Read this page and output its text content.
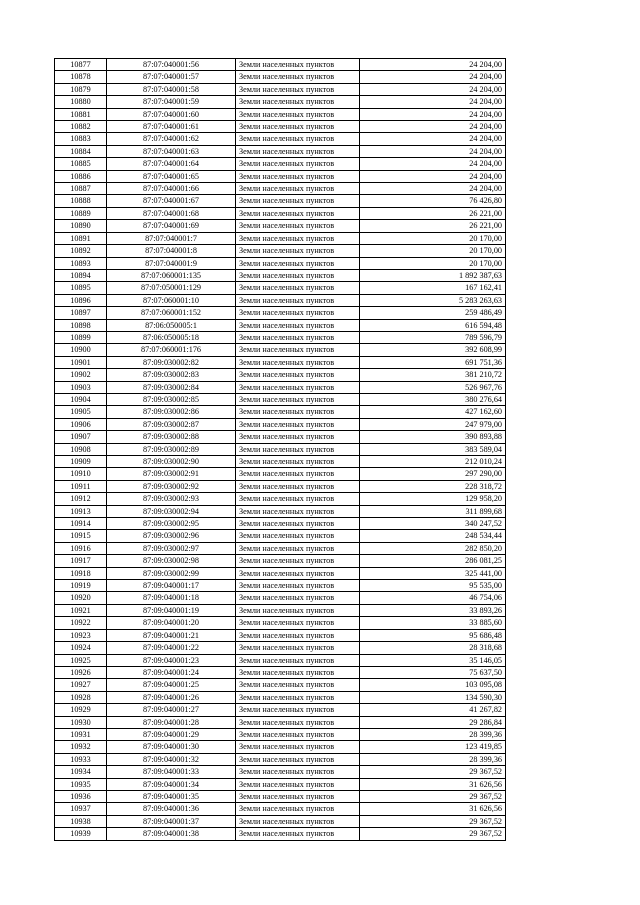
10877	87:07:040001:56	Земли населенных пунктов	24 204,00
10878	87:07:040001:57	Земли населенных пунктов	24 204,00
10879	87:07:040001:58	Земли населенных пунктов	24 204,00
10880	87:07:040001:59	Земли населенных пунктов	24 204,00
10881	87:07:040001:60	Земли населенных пунктов	24 204,00
10882	87:07:040001:61	Земли населенных пунктов	24 204,00
10883	87:07:040001:62	Земли населенных пунктов	24 204,00
10884	87:07:040001:63	Земли населенных пунктов	24 204,00
10885	87:07:040001:64	Земли населенных пунктов	24 204,00
10886	87:07:040001:65	Земли населенных пунктов	24 204,00
10887	87:07:040001:66	Земли населенных пунктов	24 204,00
10888	87:07:040001:67	Земли населенных пунктов	76 426,80
10889	87:07:040001:68	Земли населенных пунктов	26 221,00
10890	87:07:040001:69	Земли населенных пунктов	26 221,00
10891	87:07:040001:7	Земли населенных пунктов	20 170,00
10892	87:07:040001:8	Земли населенных пунктов	20 170,00
10893	87:07:040001:9	Земли населенных пунктов	20 170,00
10894	87:07:060001:135	Земли населенных пунктов	1 892 387,63
10895	87:07:050001:129	Земли населенных пунктов	167 162,41
10896	87:07:060001:10	Земли населенных пунктов	5 283 263,63
10897	87:07:060001:152	Земли населенных пунктов	259 486,49
10898	87:06:050005:1	Земли населенных пунктов	616 594,48
10899	87:06:050005:18	Земли населенных пунктов	789 596,79
10900	87:07:060001:176	Земли населенных пунктов	392 608,99
10901	87:09:030002:82	Земли населенных пунктов	691 751,36
10902	87:09:030002:83	Земли населенных пунктов	381 210,72
10903	87:09:030002:84	Земли населенных пунктов	526 967,76
10904	87:09:030002:85	Земли населенных пунктов	380 276,64
10905	87:09:030002:86	Земли населенных пунктов	427 162,60
10906	87:09:030002:87	Земли населенных пунктов	247 979,00
10907	87:09:030002:88	Земли населенных пунктов	390 893,88
10908	87:09:030002:89	Земли населенных пунктов	383 589,04
10909	87:09:030002:90	Земли населенных пунктов	212 010,24
10910	87:09:030002:91	Земли населенных пунктов	297 290,00
10911	87:09:030002:92	Земли населенных пунктов	228 318,72
10912	87:09:030002:93	Земли населенных пунктов	129 958,20
10913	87:09:030002:94	Земли населенных пунктов	311 899,68
10914	87:09:030002:95	Земли населенных пунктов	340 247,52
10915	87:09:030002:96	Земли населенных пунктов	248 534,44
10916	87:09:030002:97	Земли населенных пунктов	282 850,20
10917	87:09:030002:98	Земли населенных пунктов	286 081,25
10918	87:09:030002:99	Земли населенных пунктов	325 441,00
10919	87:09:040001:17	Земли населенных пунктов	95 535,00
10920	87:09:040001:18	Земли населенных пунктов	46 754,06
10921	87:09:040001:19	Земли населенных пунктов	33 893,26
10922	87:09:040001:20	Земли населенных пунктов	33 885,60
10923	87:09:040001:21	Земли населенных пунктов	95 686,48
10924	87:09:040001:22	Земли населенных пунктов	28 318,68
10925	87:09:040001:23	Земли населенных пунктов	35 146,05
10926	87:09:040001:24	Земли населенных пунктов	75 637,50
10927	87:09:040001:25	Земли населенных пунктов	103 095,08
10928	87:09:040001:26	Земли населенных пунктов	134 590,30
10929	87:09:040001:27	Земли населенных пунктов	41 267,82
10930	87:09:040001:28	Земли населенных пунктов	29 286,84
10931	87:09:040001:29	Земли населенных пунктов	28 399,36
10932	87:09:040001:30	Земли населенных пунктов	123 419,85
10933	87:09:040001:32	Земли населенных пунктов	28 399,36
10934	87:09:040001:33	Земли населенных пунктов	29 367,52
10935	87:09:040001:34	Земли населенных пунктов	31 626,56
10936	87:09:040001:35	Земли населенных пунктов	29 367,52
10937	87:09:040001:36	Земли населенных пунктов	31 626,56
10938	87:09:040001:37	Земли населенных пунктов	29 367,52
10939	87:09:040001:38	Земли населенных пунктов	29 367,52
